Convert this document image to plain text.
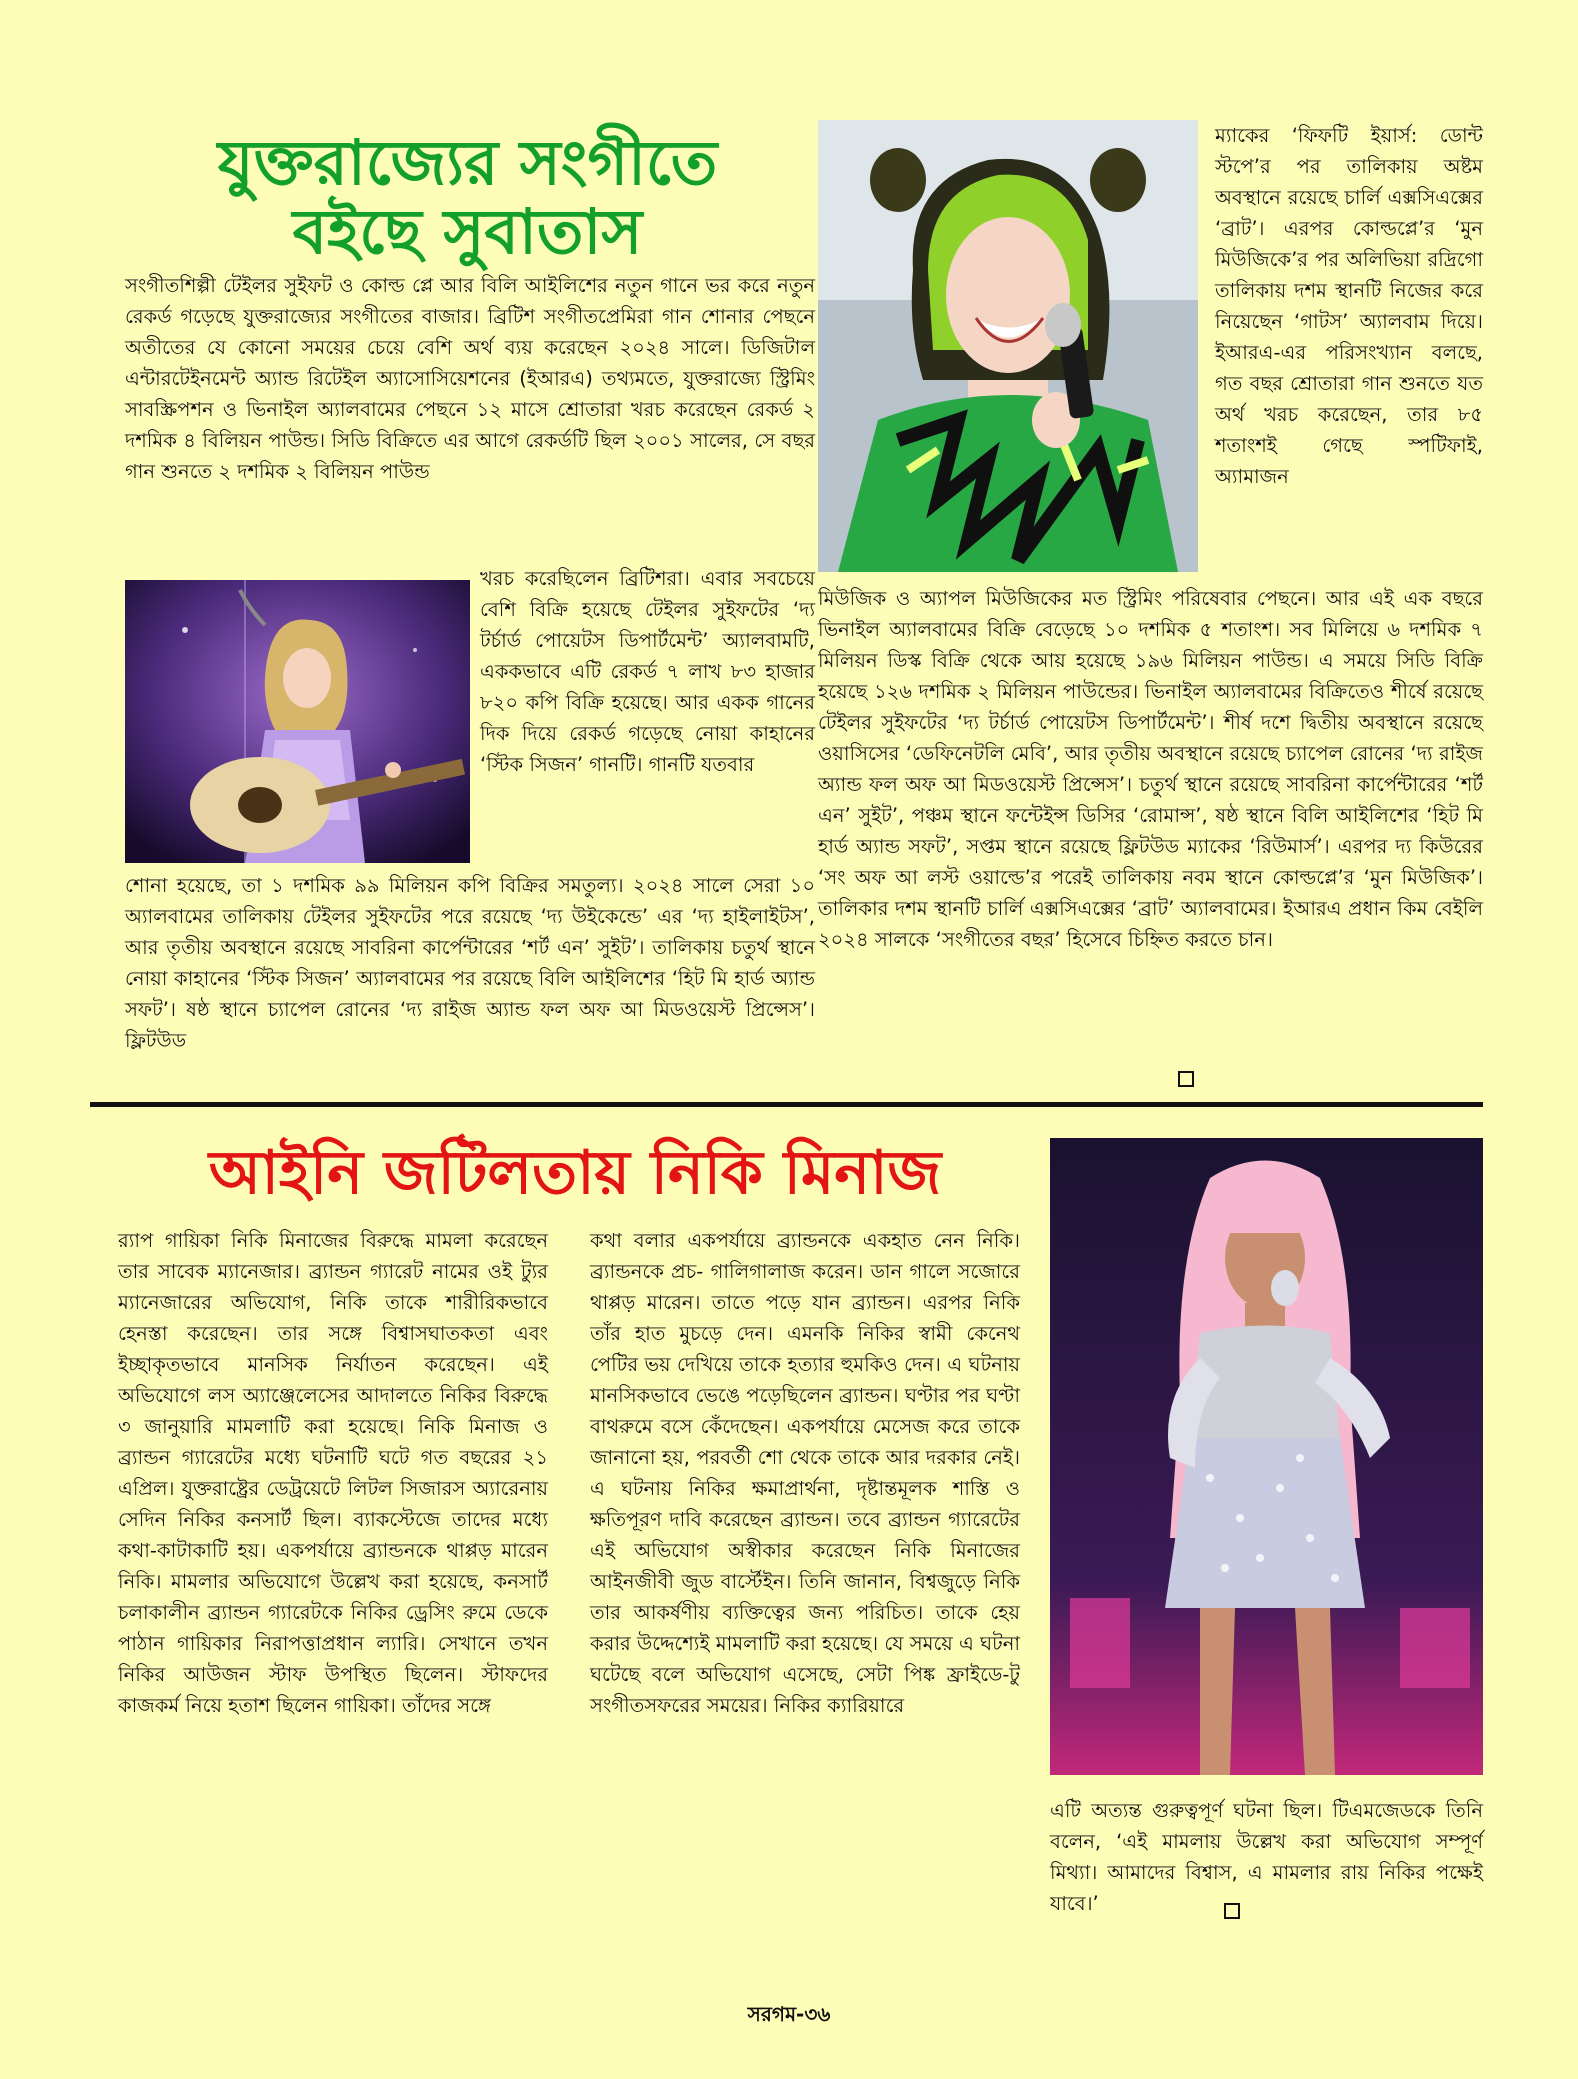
যুক্তরাজ্যের সংগীতে

বইছে সুবাতাস

সংগীতশিল্পী টেইলর সুইফট ও কোল্ড প্লে আর বিলি আইলিশের নতুন গানে ভর করে নতুন রেকর্ড গড়েছে যুক্তরাজ্যের সংগীতের বাজার। ব্রিটিশ সংগীতপ্রেমিরা গান শোনার পেছনে অতীতের যে কোনো সময়ের চেয়ে বেশি অর্থ ব্যয় করেছেন ২০২৪ সালে। ডিজিটাল এন্টারটেইনমেন্ট অ্যান্ড রিটেইল অ্যাসোসিয়েশনের (ইআরএ) তথ্যমতে, যুক্তরাজ্যে স্ট্রিমিং সাবস্ক্রিপশন ও ভিনাইল অ্যালবামের পেছনে ১২ মাসে শ্রোতারা খরচ করেছেন রেকর্ড ২ দশমিক ৪ বিলিয়ন পাউন্ড। সিডি বিক্রিতে এর আগে রেকর্ডটি ছিল ২০০১ সালের, সে বছর গান শুনতে ২ দশমিক ২ বিলিয়ন পাউন্ড

খরচ করেছিলেন ব্রিটিশরা। এবার সবচেয়ে বেশি বিক্রি হয়েছে টেইলর সুইফটের ‘দ্য টর্চার্ড পোয়েটস ডিপার্টমেন্ট’ অ্যালবামটি, এককভাবে এটি রেকর্ড ৭ লাখ ৮৩ হাজার ৮২০ কপি বিক্রি হয়েছে। আর একক গানের দিক দিয়ে রেকর্ড গড়েছে নোয়া কাহানের ‘স্টিক সিজন’ গানটি। গানটি যতবার

শোনা হয়েছে, তা ১ দশমিক ৯৯ মিলিয়ন কপি বিক্রির সমতুল্য। ২০২৪ সালে সেরা ১০ অ্যালবামের তালিকায় টেইলর সুইফটের পরে রয়েছে ‘দ্য উইকেন্ডে’ এর ‘দ্য হাইলাইটস’, আর তৃতীয় অবস্থানে রয়েছে সাবরিনা কার্পেন্টারের ‘শর্ট এন’ সুইট’। তালিকায় চতুর্থ স্থানে নোয়া কাহানের ‘স্টিক সিজন’ অ্যালবামের পর রয়েছে বিলি আইলিশের ‘হিট মি হার্ড অ্যান্ড সফট’। ষষ্ঠ স্থানে চ্যাপেল রোনের ‘দ্য রাইজ অ্যান্ড ফল অফ আ মিডওয়েস্ট প্রিন্সেস’। ফ্লিটউড

ম্যাকের ‘ফিফটি ইয়ার্স: ডোন্ট স্টপে’র পর তালিকায় অষ্টম অবস্থানে রয়েছে চার্লি এক্সসিএক্সের ‘ব্রাট’। এরপর কোল্ডপ্লে’র ‘মুন মিউজিকে’র পর অলিভিয়া রদ্রিগো তালিকায় দশম স্থানটি নিজের করে নিয়েছেন ‘গাটস’ অ্যালবাম দিয়ে। ইআরএ-এর পরিসংখ্যান বলছে, গত বছর শ্রোতারা গান শুনতে যত অর্থ খরচ করেছেন, তার ৮৫ শতাংশই গেছে স্পটিফাই, অ্যামাজন

মিউজিক ও অ্যাপল মিউজিকের মত স্ট্রিমিং পরিষেবার পেছনে। আর এই এক বছরে ভিনাইল অ্যালবামের বিক্রি বেড়েছে ১০ দশমিক ৫ শতাংশ। সব মিলিয়ে ৬ দশমিক ৭ মিলিয়ন ডিস্ক বিক্রি থেকে আয় হয়েছে ১৯৬ মিলিয়ন পাউন্ড। এ সময়ে সিডি বিক্রি হয়েছে ১২৬ দশমিক ২ মিলিয়ন পাউন্ডের। ভিনাইল অ্যালবামের বিক্রিতেও শীর্ষে রয়েছে টেইলর সুইফটের ‘দ্য টর্চার্ড পোয়েটস ডিপার্টমেন্ট’। শীর্ষ দশে দ্বিতীয় অবস্থানে রয়েছে ওয়াসিসের ‘ডেফিনেটলি মেবি’, আর তৃতীয় অবস্থানে রয়েছে চ্যাপেল রোনের ‘দ্য রাইজ অ্যান্ড ফল অফ আ মিডওয়েস্ট প্রিন্সেস’। চতুর্থ স্থানে রয়েছে সাবরিনা কার্পেন্টারের ‘শর্ট এন’ সুইট’, পঞ্চম স্থানে ফন্টেইন্স ডিসির ‘রোমান্স’, ষষ্ঠ স্থানে বিলি আইলিশের ‘হিট মি হার্ড অ্যান্ড সফট’, সপ্তম স্থানে রয়েছে ফ্লিটউড ম্যাকের ‘রিউমার্স’। এরপর দ্য কিউরের ‘সং অফ আ লস্ট ওয়াল্ডে’র পরেই তালিকায় নবম স্থানে কোল্ডপ্লে’র ‘মুন মিউজিক’। তালিকার দশম স্থানটি চার্লি এক্সসিএক্সের ‘ব্রাট’ অ্যালবামের। ইআরএ প্রধান কিম বেইলি ২০২৪ সালকে ‘সংগীতের বছর’ হিসেবে চিহ্নিত করতে চান।

আইনি জটিলতায় নিকি মিনাজ

র‍্যাপ গায়িকা নিকি মিনাজের বিরুদ্ধে মামলা করেছেন তার সাবেক ম্যানেজার। ব্র্যান্ডন গ্যারেট নামের ওই ট্যুর ম্যানেজারের অভিযোগ, নিকি তাকে শারীরিকভাবে হেনস্তা করেছেন। তার সঙ্গে বিশ্বাসঘাতকতা এবং ইচ্ছাকৃতভাবে মানসিক নির্যাতন করেছেন। এই অভিযোগে লস অ্যাঞ্জেলেসের আদালতে নিকির বিরুদ্ধে ৩ জানুয়ারি মামলাটি করা হয়েছে। নিকি মিনাজ ও ব্র্যান্ডন গ্যারেটের মধ্যে ঘটনাটি ঘটে গত বছরের ২১ এপ্রিল। যুক্তরাষ্ট্রের ডেট্রয়েটে লিটল সিজারস অ্যারেনায় সেদিন নিকির কনসার্ট ছিল। ব্যাকস্টেজে তাদের মধ্যে কথা-কাটাকাটি হয়। একপর্যায়ে ব্র্যান্ডনকে থাপ্পড় মারেন নিকি। মামলার অভিযোগে উল্লেখ করা হয়েছে, কনসার্ট চলাকালীন ব্র্যান্ডন গ্যারেটকে নিকির ড্রেসিং রুমে ডেকে পাঠান গায়িকার নিরাপত্তাপ্রধান ল্যারি। সেখানে তখন নিকির আউজন স্টাফ উপস্থিত ছিলেন। স্টাফদের কাজকর্ম নিয়ে হতাশ ছিলেন গায়িকা। তাঁদের সঙ্গে

কথা বলার একপর্যায়ে ব্র্যান্ডনকে একহাত নেন নিকি। ব্র্যান্ডনকে প্রচ- গালিগালাজ করেন। ডান গালে সজোরে থাপ্পড় মারেন। তাতে পড়ে যান ব্র্যান্ডন। এরপর নিকি তাঁর হাত মুচড়ে দেন। এমনকি নিকির স্বামী কেনেথ পেটির ভয় দেখিয়ে তাকে হত্যার হুমকিও দেন। এ ঘটনায় মানসিকভাবে ভেঙে পড়েছিলেন ব্র্যান্ডন। ঘণ্টার পর ঘণ্টা বাথরুমে বসে কেঁদেছেন। একপর্যায়ে মেসেজ করে তাকে জানানো হয়, পরবর্তী শো থেকে তাকে আর দরকার নেই। এ ঘটনায় নিকির ক্ষমাপ্রার্থনা, দৃষ্টান্তমূলক শাস্তি ও ক্ষতিপূরণ দাবি করেছেন ব্র্যান্ডন। তবে ব্র্যান্ডন গ্যারেটের এই অভিযোগ অস্বীকার করেছেন নিকি মিনাজের আইনজীবী জুড বার্স্টেইন। তিনি জানান, বিশ্বজুড়ে নিকি তার আকর্ষণীয় ব্যক্তিত্বের জন্য পরিচিত। তাকে হেয় করার উদ্দেশ্যেই মামলাটি করা হয়েছে। যে সময়ে এ ঘটনা ঘটেছে বলে অভিযোগ এসেছে, সেটা পিঙ্ক ফ্রাইডে-টু সংগীতসফরের সময়ের। নিকির ক্যারিয়ারে

এটি অত্যন্ত গুরুত্বপূর্ণ ঘটনা ছিল। টিএমজেডকে তিনি বলেন, ‘এই মামলায় উল্লেখ করা অভিযোগ সম্পূর্ণ মিথ্যা। আমাদের বিশ্বাস, এ মামলার রায় নিকির পক্ষেই যাবে।’

সরগম-৩৬
